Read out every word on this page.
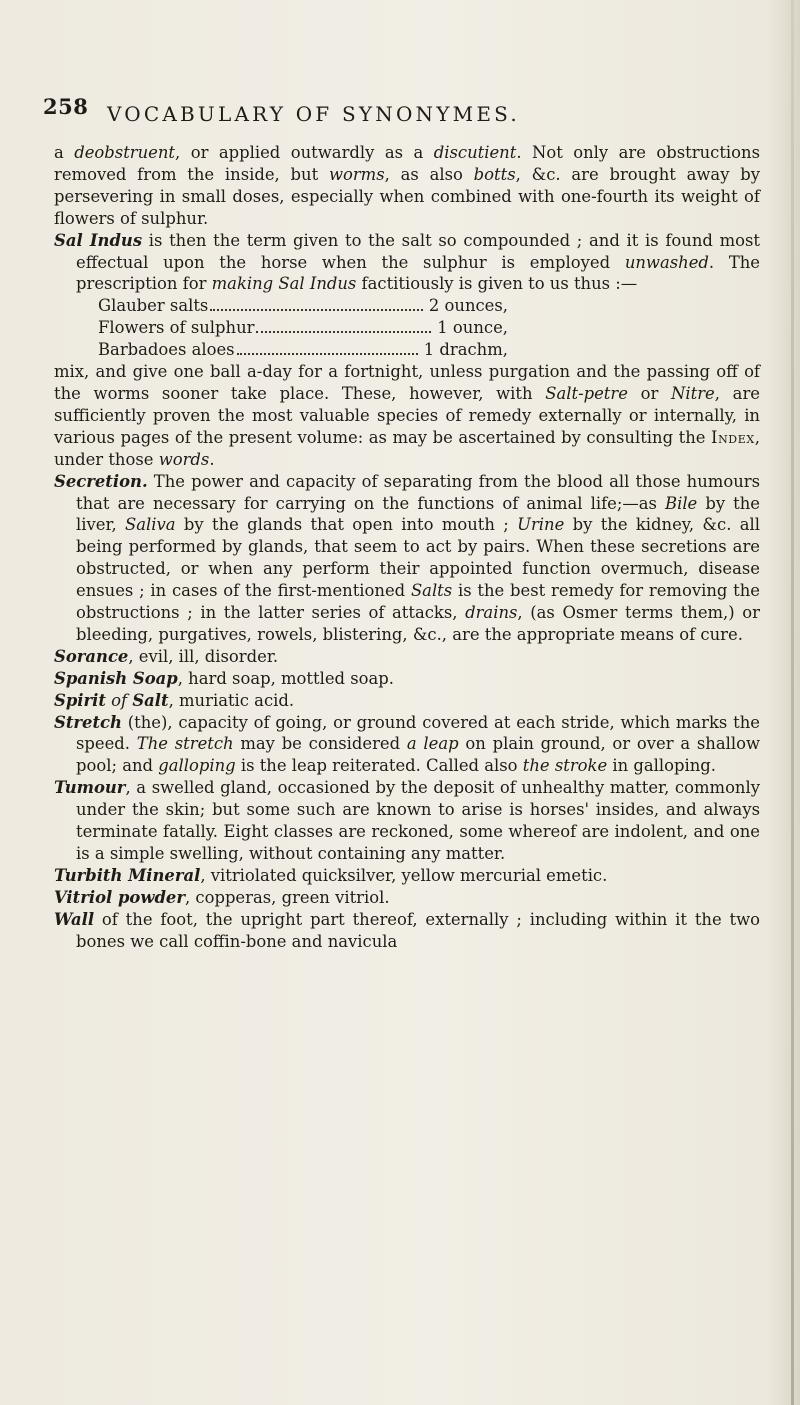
258 VOCABULARY OF SYNONYMES.

a deobstruent, or applied outwardly as a discutient. Not only are obstructions removed from the inside, but worms, as also botts, &c. are brought away by persevering in small doses, especially when combined with one-fourth its weight of flowers of sulphur.

Sal Indus is then the term given to the salt so compounded ; and it is found most effectual upon the horse when the sulphur is employed unwashed. The prescription for making Sal Indus factitiously is given to us thus :—

Glauber salts	2 ounces,
Flowers of sulphur	1 ounce,
Barbadoes aloes	1 drachm,

mix, and give one ball a-day for a fortnight, unless purgation and the passing off of the worms sooner take place. These, however, with Salt-petre or Nitre, are sufficiently proven the most valuable species of remedy externally or internally, in various pages of the present volume: as may be ascertained by consulting the Index, under those words.

Secretion. The power and capacity of separating from the blood all those humours that are necessary for carrying on the functions of animal life;—as Bile by the liver, Saliva by the glands that open into mouth ; Urine by the kidney, &c. all being performed by glands, that seem to act by pairs. When these secretions are obstructed, or when any perform their appointed function overmuch, disease ensues ; in cases of the first-mentioned Salts is the best remedy for removing the obstructions ; in the latter series of attacks, drains, (as Osmer terms them,) or bleeding, purgatives, rowels, blistering, &c., are the appropriate means of cure.

Sorance, evil, ill, disorder.

Spanish Soap, hard soap, mottled soap.

Spirit of Salt, muriatic acid.

Stretch (the), capacity of going, or ground covered at each stride, which marks the speed. The stretch may be considered a leap on plain ground, or over a shallow pool; and galloping is the leap reiterated. Called also the stroke in galloping.

Tumour, a swelled gland, occasioned by the deposit of unhealthy matter, commonly under the skin; but some such are known to arise is horses' insides, and always terminate fatally. Eight classes are reckoned, some whereof are indolent, and one is a simple swelling, without containing any matter.

Turbith Mineral, vitriolated quicksilver, yellow mercurial emetic.

Vitriol powder, copperas, green vitriol.

Wall of the foot, the upright part thereof, externally ; including within it the two bones we call coffin-bone and navicula
